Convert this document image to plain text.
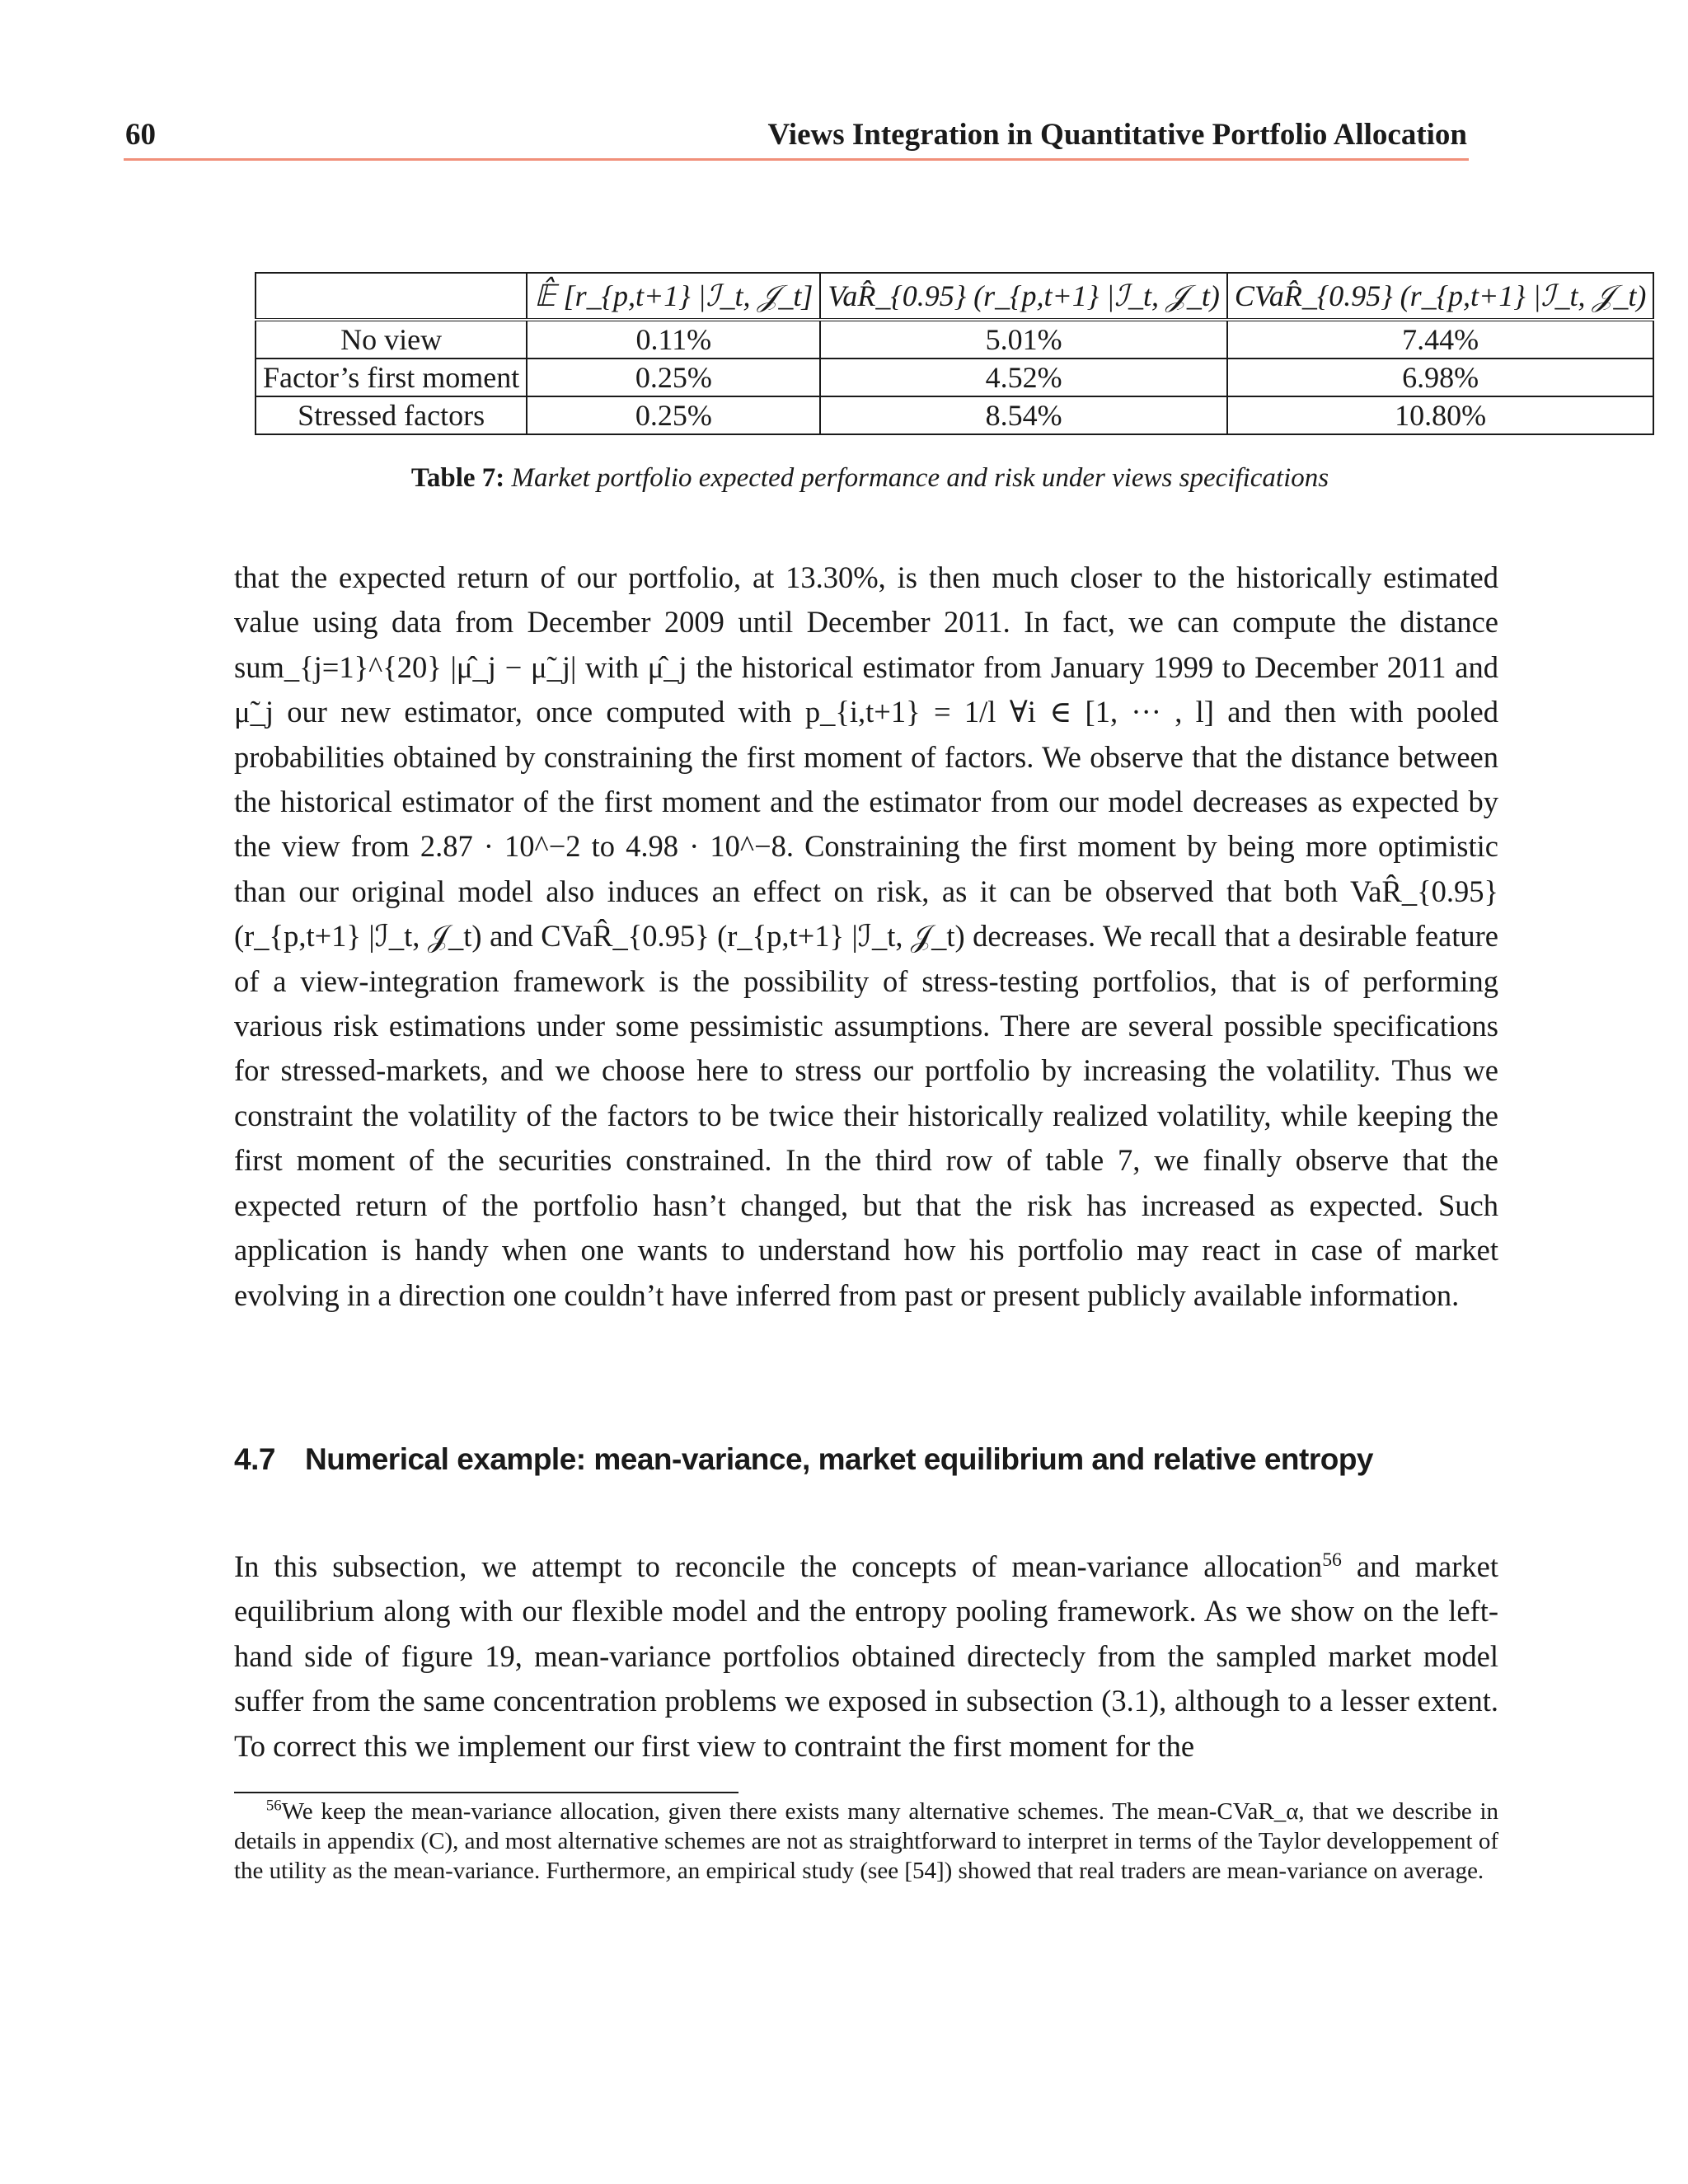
60	Views Integration in Quantitative Portfolio Allocation
	𝔼̂ [r_{p,t+1} |ℐ_t, 𝒥_t]	VaR̂_{0.95} (r_{p,t+1} |ℐ_t, 𝒥_t)	CVaR̂_{0.95} (r_{p,t+1} |ℐ_t, 𝒥_t)
No view	0.11%	5.01%	7.44%
Factor’s first moment	0.25%	4.52%	6.98%
Stressed factors	0.25%	8.54%	10.80%
Table 7: Market portfolio expected performance and risk under views specifications

that the expected return of our portfolio, at 13.30%, is then much closer to the historically estimated value using data from December 2009 until December 2011. In fact, we can compute the distance sum_{j=1}^{20} |μ̂_j − μ̃_j| with μ̂_j the historical estimator from January 1999 to December 2011 and μ̃_j our new estimator, once computed with p_{i,t+1} = 1/l ∀i ∈ [1, ··· , l] and then with pooled probabilities obtained by constraining the first moment of factors. We observe that the distance between the historical estimator of the first moment and the estimator from our model decreases as expected by the view from 2.87 · 10^−2 to 4.98 · 10^−8. Constraining the first moment by being more optimistic than our original model also induces an effect on risk, as it can be observed that both VaR̂_{0.95} (r_{p,t+1} |ℐ_t, 𝒥_t) and CVaR̂_{0.95} (r_{p,t+1} |ℐ_t, 𝒥_t) decreases. We recall that a desirable feature of a view-integration framework is the possibility of stress-testing portfolios, that is of performing various risk estimations under some pessimistic assumptions. There are several possible specifications for stressed-markets, and we choose here to stress our portfolio by increasing the volatility. Thus we constraint the volatility of the factors to be twice their historically realized volatility, while keeping the first moment of the securities constrained. In the third row of table 7, we finally observe that the expected return of the portfolio hasn’t changed, but that the risk has increased as expected. Such application is handy when one wants to understand how his portfolio may react in case of market evolving in a direction one couldn’t have inferred from past or present publicly available information.

4.7 Numerical example: mean-variance, market equilibrium and relative entropy

In this subsection, we attempt to reconcile the concepts of mean-variance allocation$^{56}$ and market equilibrium along with our flexible model and the entropy pooling framework. As we show on the left-hand side of figure 19, mean-variance portfolios obtained directecly from the sampled market model suffer from the same concentration problems we exposed in subsection (3.1), although to a lesser extent. To correct this we implement our first view to contraint the first moment for the

$^{56}$We keep the mean-variance allocation, given there exists many alternative schemes. The mean-CVaR_α, that we describe in details in appendix (C), and most alternative schemes are not as straightforward to interpret in terms of the Taylor developpement of the utility as the mean-variance. Furthermore, an empirical study (see [54]) showed that real traders are mean-variance on average.
